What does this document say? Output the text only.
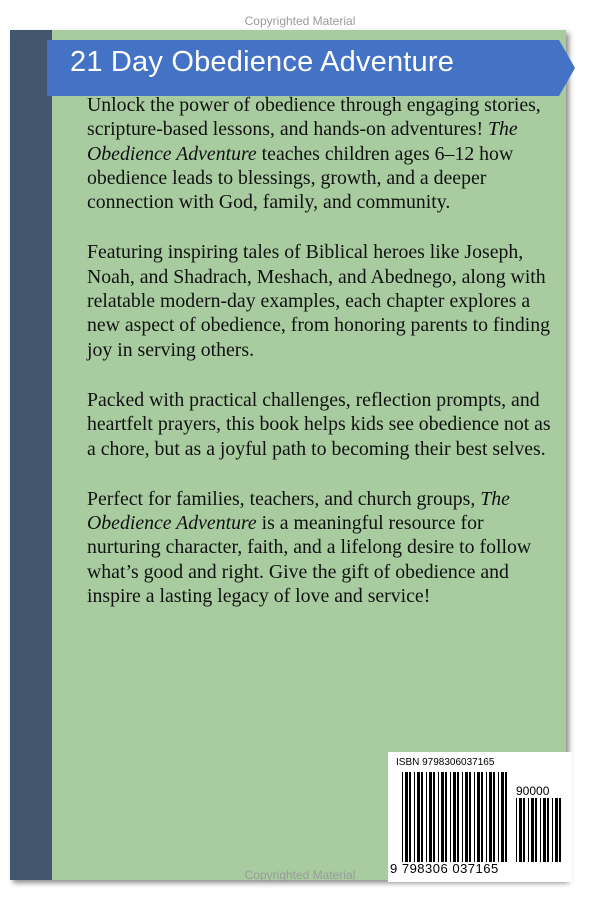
Copyrighted Material
21 Day Obedience Adventure

Unlock the power of obedience through engaging stories, scripture-based lessons, and hands-on adventures! The Obedience Adventure teaches children ages 6–12 how obedience leads to blessings, growth, and a deeper connection with God, family, and community.

Featuring inspiring tales of Biblical heroes like Joseph, Noah, and Shadrach, Meshach, and Abednego, along with relatable modern-day examples, each chapter explores a new aspect of obedience, from honoring parents to finding joy in serving others.

Packed with practical challenges, reflection prompts, and heartfelt prayers, this book helps kids see obedience not as a chore, but as a joyful path to becoming their best selves.

Perfect for families, teachers, and church groups, The Obedience Adventure is a meaningful resource for nurturing character, faith, and a lifelong desire to follow what’s good and right. Give the gift of obedience and inspire a lasting legacy of love and service!

ISBN 9798306037165
90000
9 798306 037165
Copyrighted Material
